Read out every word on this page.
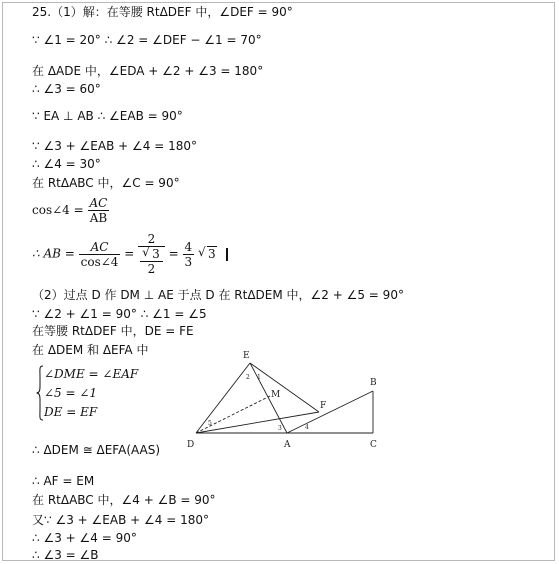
25.（1）解：在等腰 RtΔDEF 中，∠DEF = 90°
∵ ∠1 = 20° ∴ ∠2 = ∠DEF − ∠1 = 70°
在 ΔADE 中，∠EDA + ∠2 + ∠3 = 180°
∴ ∠3 = 60°
∵ EA ⊥ AB ∴ ∠EAB = 90°
∵ ∠3 + ∠EAB + ∠4 = 180°
∴ ∠4 = 30°
在 RtΔABC 中，∠C = 90°
cos∠4 = $\frac{AC}{AB}$
∴ AB = $\frac{AC}{\cos\angle 4} = \frac{2}{\frac{√ 3}{2}} = \frac{4}{3}$
√ 3
（2）过点 D 作 DM ⊥ AE 于点 D 在 RtΔDEM 中，∠2 + ∠5 = 90°
∵ ∠2 + ∠1 = 90° ∴ ∠1 = ∠5
在等腰 RtΔDEF 中，DE = FE
在 ΔDEM 和 ΔEFA 中
∠DME = ∠EAF
∠5 = ∠1
DE = EF
∴ ΔDEM ≅ ΔEFA(AAS)
∴ AF = EM
在 RtΔABC 中，∠4 + ∠B = 90°
又∵ ∠3 + ∠EAB + ∠4 = 180°
∴ ∠3 + ∠4 = 90°
∴ ∠3 = ∠B
E
B
M
F
D	A	C
2 1
3	4
5
